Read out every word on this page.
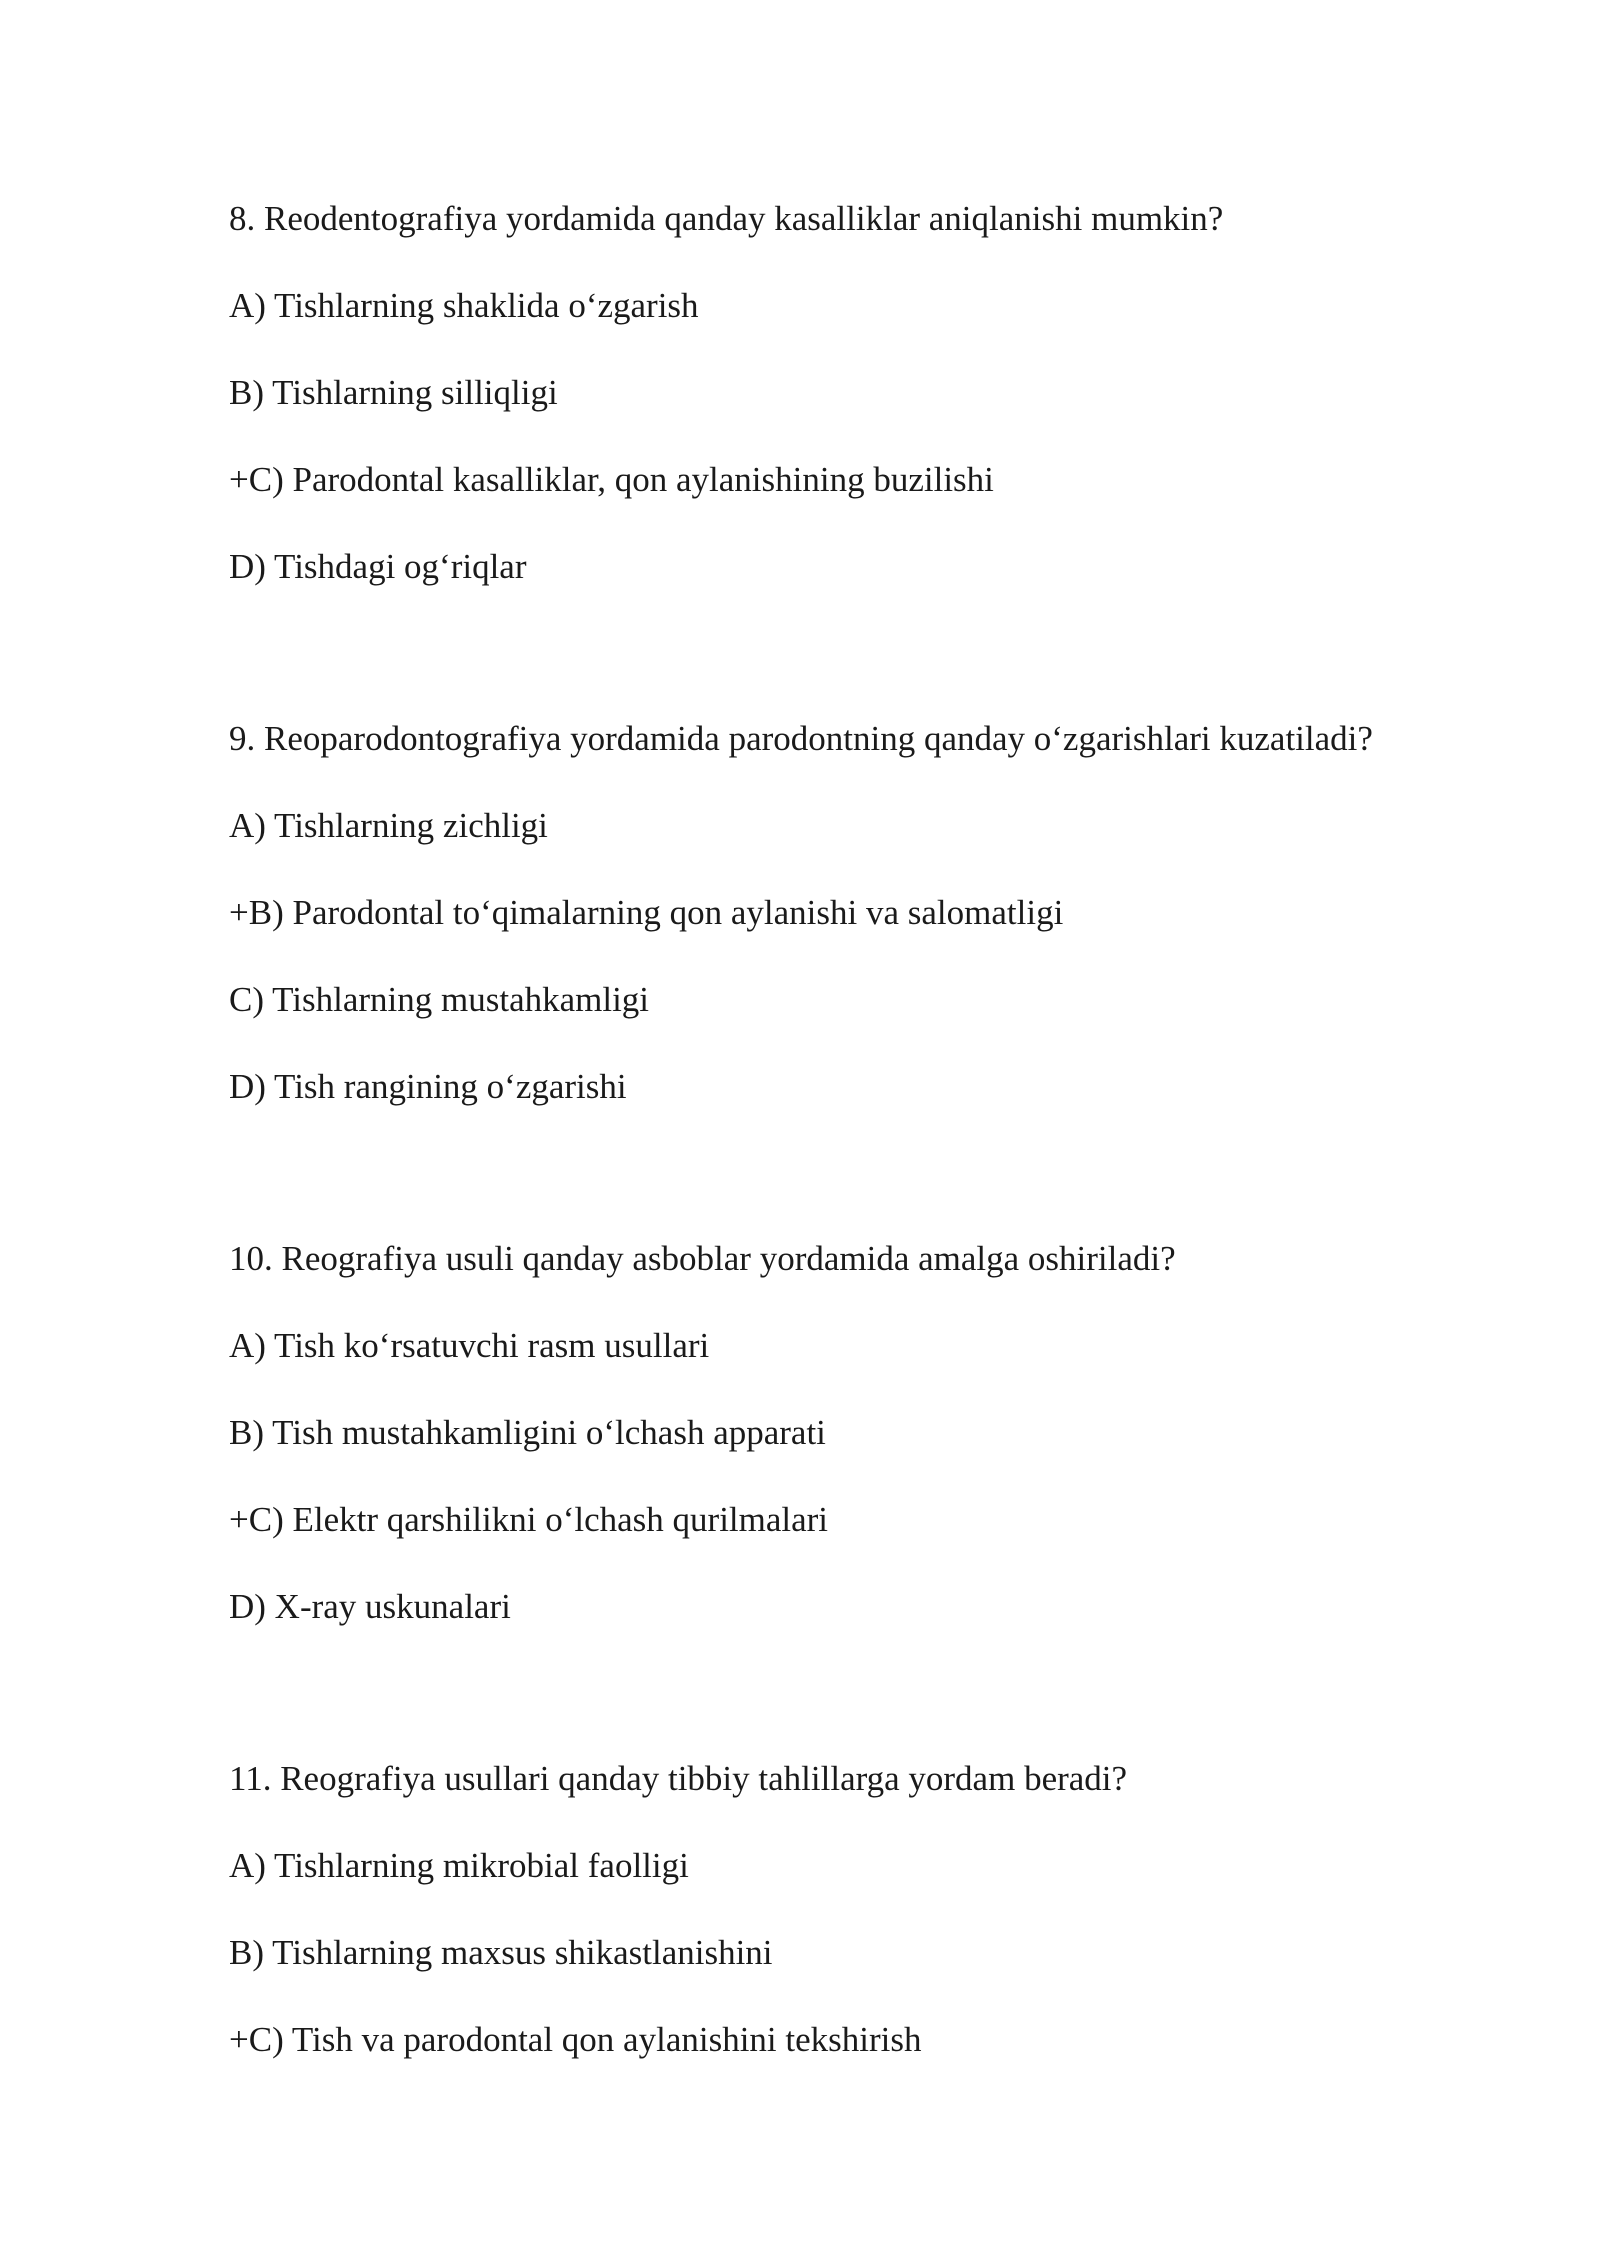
8. Reodentografiya yordamida qanday kasalliklar aniqlanishi mumkin?

A) Tishlarning shaklida o‘zgarish

B) Tishlarning silliqligi

+C) Parodontal kasalliklar, qon aylanishining buzilishi

D) Tishdagi og‘riqlar

9. Reoparodontografiya yordamida parodontning qanday o‘zgarishlari kuzatiladi?

A) Tishlarning zichligi

+B) Parodontal to‘qimalarning qon aylanishi va salomatligi

C) Tishlarning mustahkamligi

D) Tish rangining o‘zgarishi

10. Reografiya usuli qanday asboblar yordamida amalga oshiriladi?

A) Tish ko‘rsatuvchi rasm usullari

B) Tish mustahkamligini o‘lchash apparati

+C) Elektr qarshilikni o‘lchash qurilmalari

D) X-ray uskunalari

11. Reografiya usullari qanday tibbiy tahlillarga yordam beradi?

A) Tishlarning mikrobial faolligi

B) Tishlarning maxsus shikastlanishini

+C) Tish va parodontal qon aylanishini tekshirish
